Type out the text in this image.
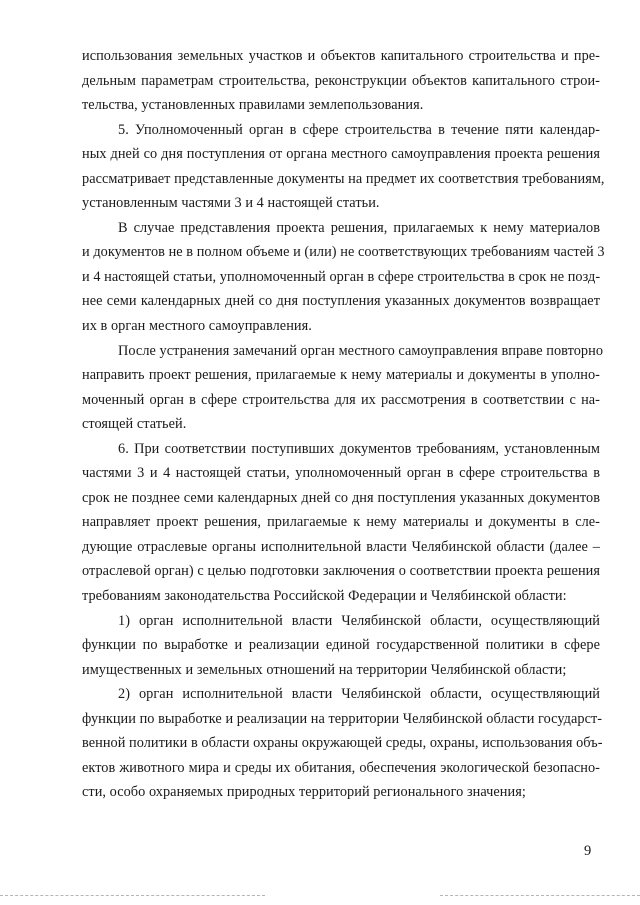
использования земельных участков и объектов капитального строительства и пре-
дельным параметрам строительства, реконструкции объектов капитального строи-
тельства, установленных правилами землепользования.
5. Уполномоченный орган в сфере строительства в течение пяти календар-
ных дней со дня поступления от органа местного самоуправления проекта решения
рассматривает представленные документы на предмет их соответствия требованиям,
установленным частями 3 и 4 настоящей статьи.
В случае представления проекта решения, прилагаемых к нему материалов
и документов не в полном объеме и (или) не соответствующих требованиям частей 3
и 4 настоящей статьи, уполномоченный орган в сфере строительства в срок не позд-
нее семи календарных дней со дня поступления указанных документов возвращает
их в орган местного самоуправления.
После устранения замечаний орган местного самоуправления вправе повторно
направить проект решения, прилагаемые к нему материалы и документы в уполно-
моченный орган в сфере строительства для их рассмотрения в соответствии с на-
стоящей статьей.
6. При соответствии поступивших документов требованиям, установленным
частями 3 и 4 настоящей статьи, уполномоченный орган в сфере строительства в
срок не позднее семи календарных дней со дня поступления указанных документов
направляет проект решения, прилагаемые к нему материалы и документы в сле-
дующие отраслевые органы исполнительной власти Челябинской области (далее –
отраслевой орган) с целью подготовки заключения о соответствии проекта решения
требованиям законодательства Российской Федерации и Челябинской области:
1) орган исполнительной власти Челябинской области, осуществляющий
функции по выработке и реализации единой государственной политики в сфере
имущественных и земельных отношений на территории Челябинской области;
2) орган исполнительной власти Челябинской области, осуществляющий
функции по выработке и реализации на территории Челябинской области государст-
венной политики в области охраны окружающей среды, охраны, использования объ-
ектов животного мира и среды их обитания, обеспечения экологической безопасно-
сти, особо охраняемых природных территорий регионального значения;
9
